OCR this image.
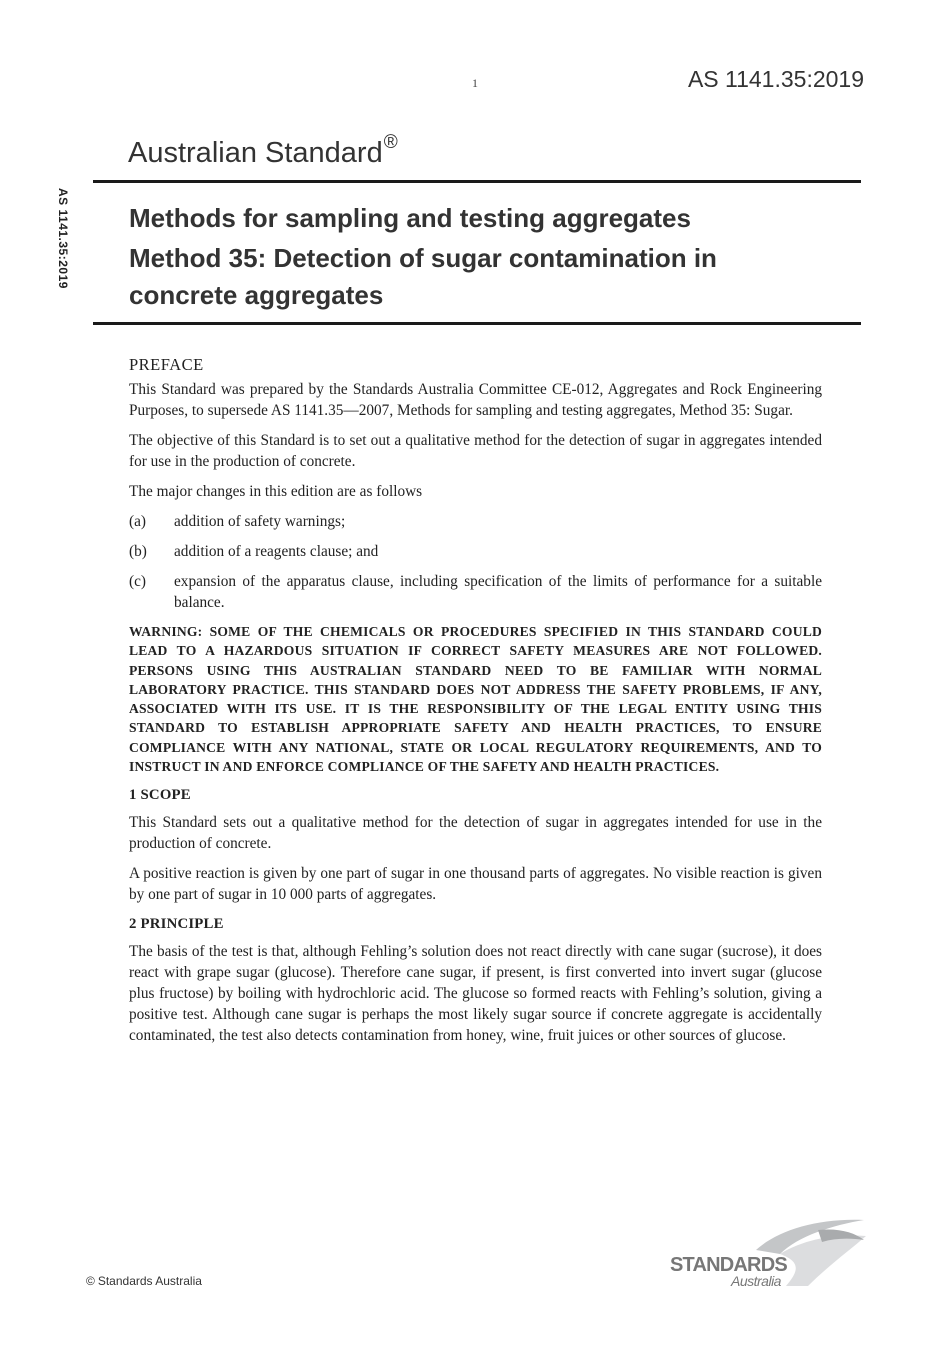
1	AS 1141.35:2019
AS 1141.35:2019
Australian Standard®
Methods for sampling and testing aggregates
Method 35: Detection of sugar contamination in
concrete aggregates

PREFACE

This Standard was prepared by the Standards Australia Committee CE-012, Aggregates and Rock Engineering Purposes, to supersede AS 1141.35—2007, Methods for sampling and testing aggregates, Method 35: Sugar.

The objective of this Standard is to set out a qualitative method for the detection of sugar in aggregates intended for use in the production of concrete.

The major changes in this edition are as follows

(a) addition of safety warnings;
(b) addition of a reagents clause; and
(c) expansion of the apparatus clause, including specification of the limits of performance for a suitable balance.

WARNING: SOME OF THE CHEMICALS OR PROCEDURES SPECIFIED IN THIS STANDARD COULD LEAD TO A HAZARDOUS SITUATION IF CORRECT SAFETY MEASURES ARE NOT FOLLOWED. PERSONS USING THIS AUSTRALIAN STANDARD NEED TO BE FAMILIAR WITH NORMAL LABORATORY PRACTICE. THIS STANDARD DOES NOT ADDRESS THE SAFETY PROBLEMS, IF ANY, ASSOCIATED WITH ITS USE. IT IS THE RESPONSIBILITY OF THE LEGAL ENTITY USING THIS STANDARD TO ESTABLISH APPROPRIATE SAFETY AND HEALTH PRACTICES, TO ENSURE COMPLIANCE WITH ANY NATIONAL, STATE OR LOCAL REGULATORY REQUIREMENTS, AND TO INSTRUCT IN AND ENFORCE COMPLIANCE OF THE SAFETY AND HEALTH PRACTICES.

1 SCOPE

This Standard sets out a qualitative method for the detection of sugar in aggregates intended for use in the production of concrete.

A positive reaction is given by one part of sugar in one thousand parts of aggregates. No visible reaction is given by one part of sugar in 10 000 parts of aggregates.

2 PRINCIPLE

The basis of the test is that, although Fehling’s solution does not react directly with cane sugar (sucrose), it does react with grape sugar (glucose). Therefore cane sugar, if present, is first converted into invert sugar (glucose plus fructose) by boiling with hydrochloric acid. The glucose so formed reacts with Fehling’s solution, giving a positive test. Although cane sugar is perhaps the most likely sugar source if concrete aggregate is accidentally contaminated, the test also detects contamination from honey, wine, fruit juices or other sources of glucose.

© Standards Australia
STANDARDS
Australia
